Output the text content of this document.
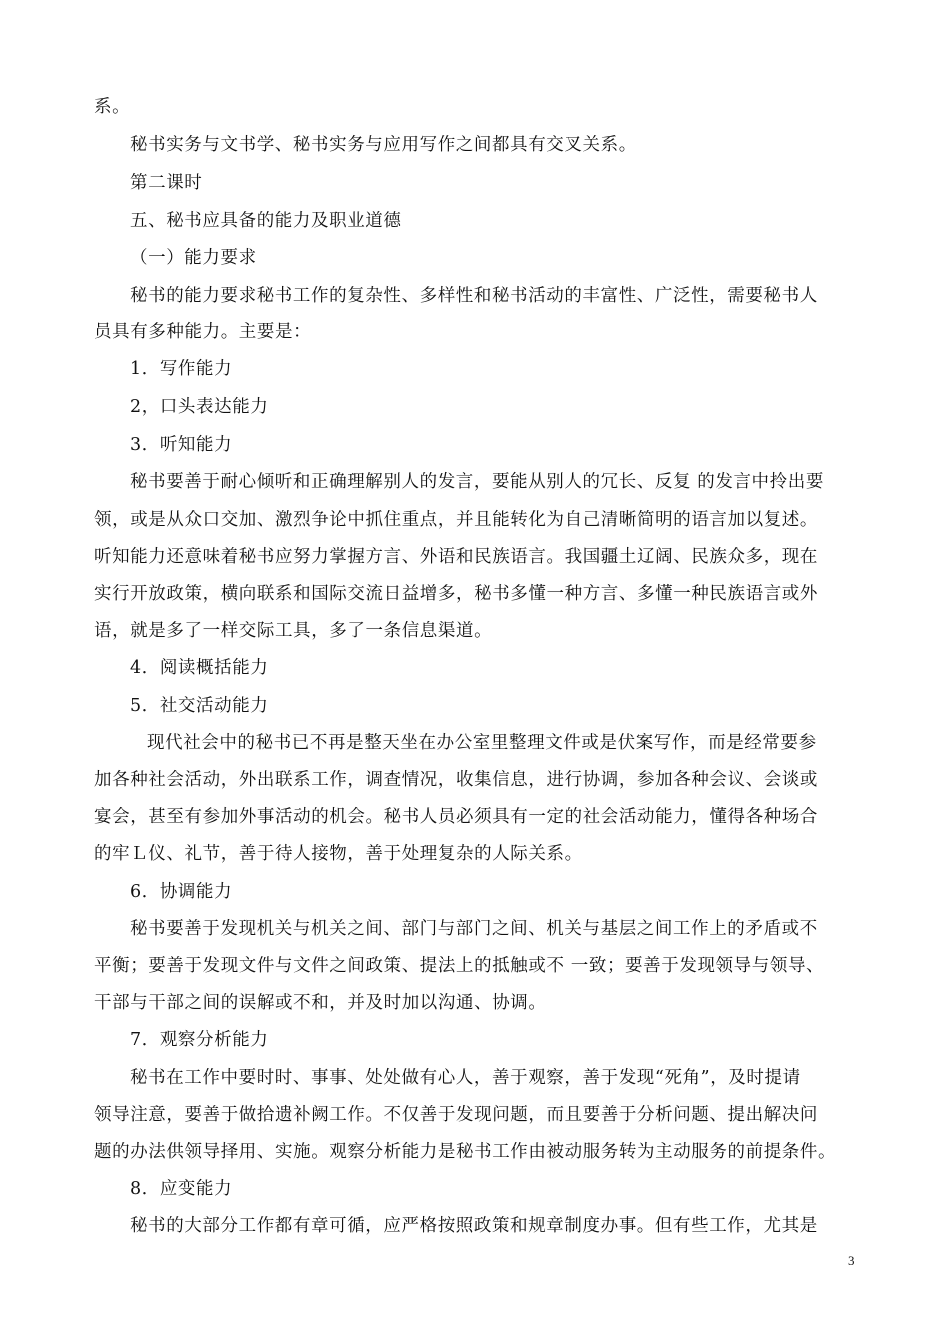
系。
秘书实务与文书学、秘书实务与应用写作之间都具有交叉关系。
第二课时
五、秘书应具备的能力及职业道德
（一）能力要求
秘书的能力要求秘书工作的复杂性、多样性和秘书活动的丰富性、广泛性，需要秘书人
员具有多种能力。主要是：
1．写作能力
2，口头表达能力
3．听知能力
秘书要善于耐心倾听和正确理解别人的发言，要能从别人的冗长、反复 的发言中拎出要
领，或是从众口交加、激烈争论中抓住重点，并且能转化为自己清晰简明的语言加以复述。
听知能力还意味着秘书应努力掌握方言、外语和民族语言。我国疆土辽阔、民族众多，现在
实行开放政策，横向联系和国际交流日益增多，秘书多懂一种方言、多懂一种民族语言或外
语，就是多了一样交际工具，多了一条信息渠道。
4．阅读概括能力
5．社交活动能力
现代社会中的秘书已不再是整天坐在办公室里整理文件或是伏案写作，而是经常要参
加各种社会活动，外出联系工作，调查情况，收集信息，进行协调，参加各种会议、会谈或
宴会，甚至有参加外事活动的机会。秘书人员必须具有一定的社会活动能力，懂得各种场合
的牢Ｌ仪、礼节，善于待人接物，善于处理复杂的人际关系。
6．协调能力
秘书要善于发现机关与机关之间、部门与部门之间、机关与基层之间工作上的矛盾或不
平衡；要善于发现文件与文件之间政策、提法上的抵触或不 一致；要善于发现领导与领导、
干部与干部之间的误解或不和，并及时加以沟通、协调。
7．观察分析能力
秘书在工作中要时时、事事、处处做有心人，善于观察，善于发现“死角”，及时提请
领导注意，要善于做拾遗补阙工作。不仅善于发现问题，而且要善于分析问题、提出解决问
题的办法供领导择用、实施。观察分析能力是秘书工作由被动服务转为主动服务的前提条件。
8．应变能力
秘书的大部分工作都有章可循，应严格按照政策和规章制度办事。但有些工作，尤其是
3
